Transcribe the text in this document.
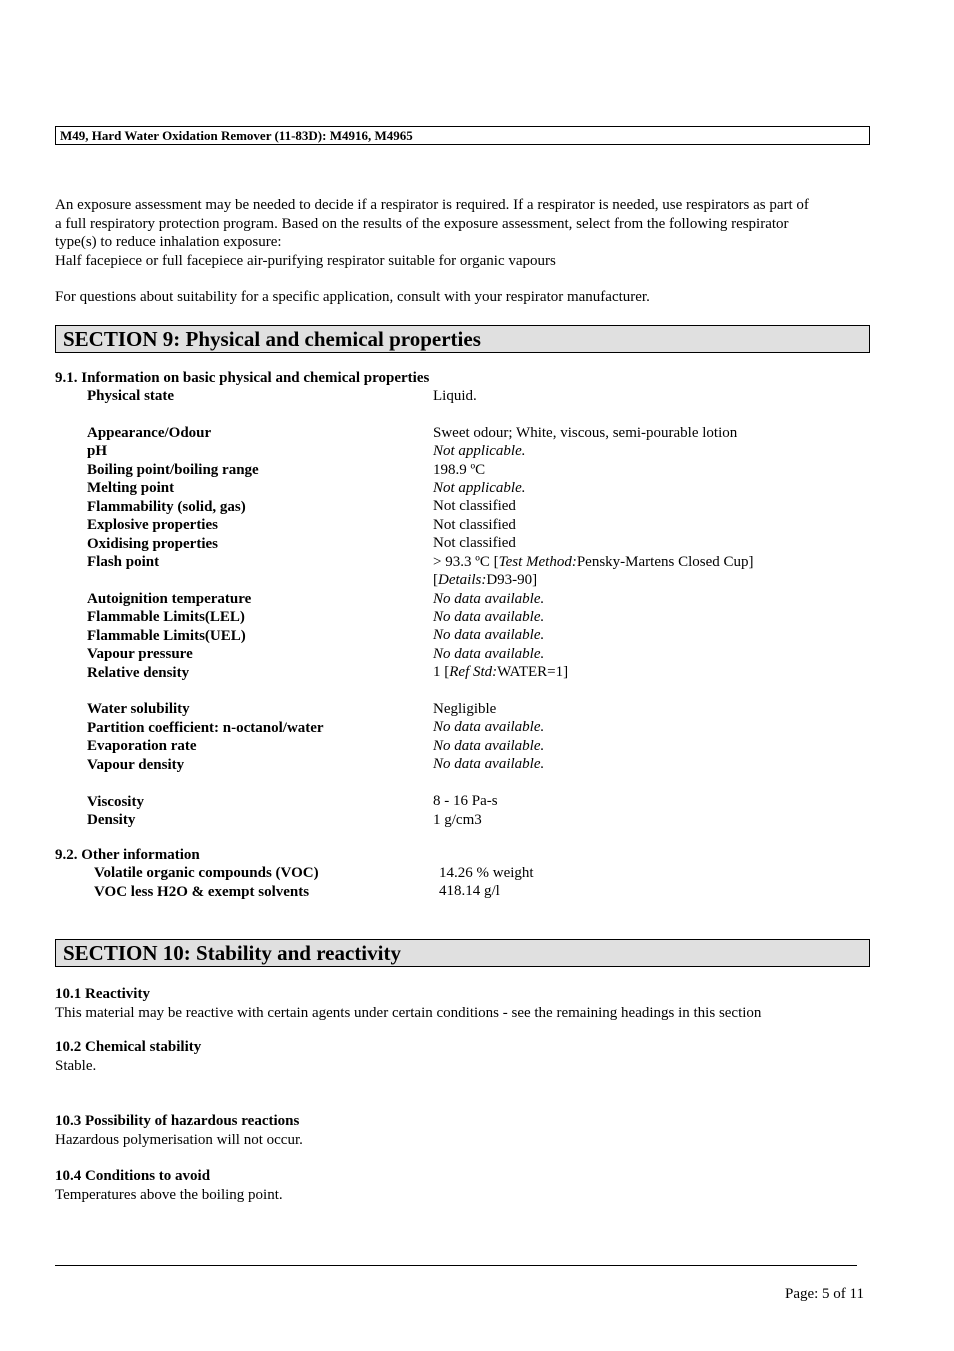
M49, Hard Water Oxidation Remover (11-83D): M4916, M4965
An exposure assessment may be needed to decide if a respirator is required. If a respirator is needed, use respirators as part of
a full respiratory protection program. Based on the results of the exposure assessment, select from the following respirator
type(s) to reduce inhalation exposure:
Half facepiece or full facepiece air-purifying respirator suitable for organic vapours
For questions about suitability for a specific application, consult with your respirator manufacturer.
SECTION 9: Physical and chemical properties
9.1. Information on basic physical and chemical properties
Physical state	Liquid.
Appearance/Odour	Sweet odour; White, viscous, semi-pourable lotion
pH	Not applicable.
Boiling point/boiling range	198.9 ºC
Melting point	Not applicable.
Flammability (solid, gas)	Not classified
Explosive properties	Not classified
Oxidising properties	Not classified
Flash point	> 93.3 ºC [Test Method:Pensky-Martens Closed Cup]
[Details:D93-90]
Autoignition temperature	No data available.
Flammable Limits(LEL)	No data available.
Flammable Limits(UEL)	No data available.
Vapour pressure	No data available.
Relative density	1 [Ref Std:WATER=1]
Water solubility	Negligible
Partition coefficient: n-octanol/water	No data available.
Evaporation rate	No data available.
Vapour density	No data available.
Viscosity	8 - 16 Pa-s
Density	1 g/cm3
9.2. Other information
Volatile organic compounds (VOC)	14.26 % weight
VOC less H2O & exempt solvents	418.14 g/l
SECTION 10: Stability and reactivity
10.1 Reactivity
This material may be reactive with certain agents under certain conditions - see the remaining headings in this section
10.2 Chemical stability
Stable.
10.3 Possibility of hazardous reactions
Hazardous polymerisation will not occur.
10.4 Conditions to avoid
Temperatures above the boiling point.
Page: 5 of 11
